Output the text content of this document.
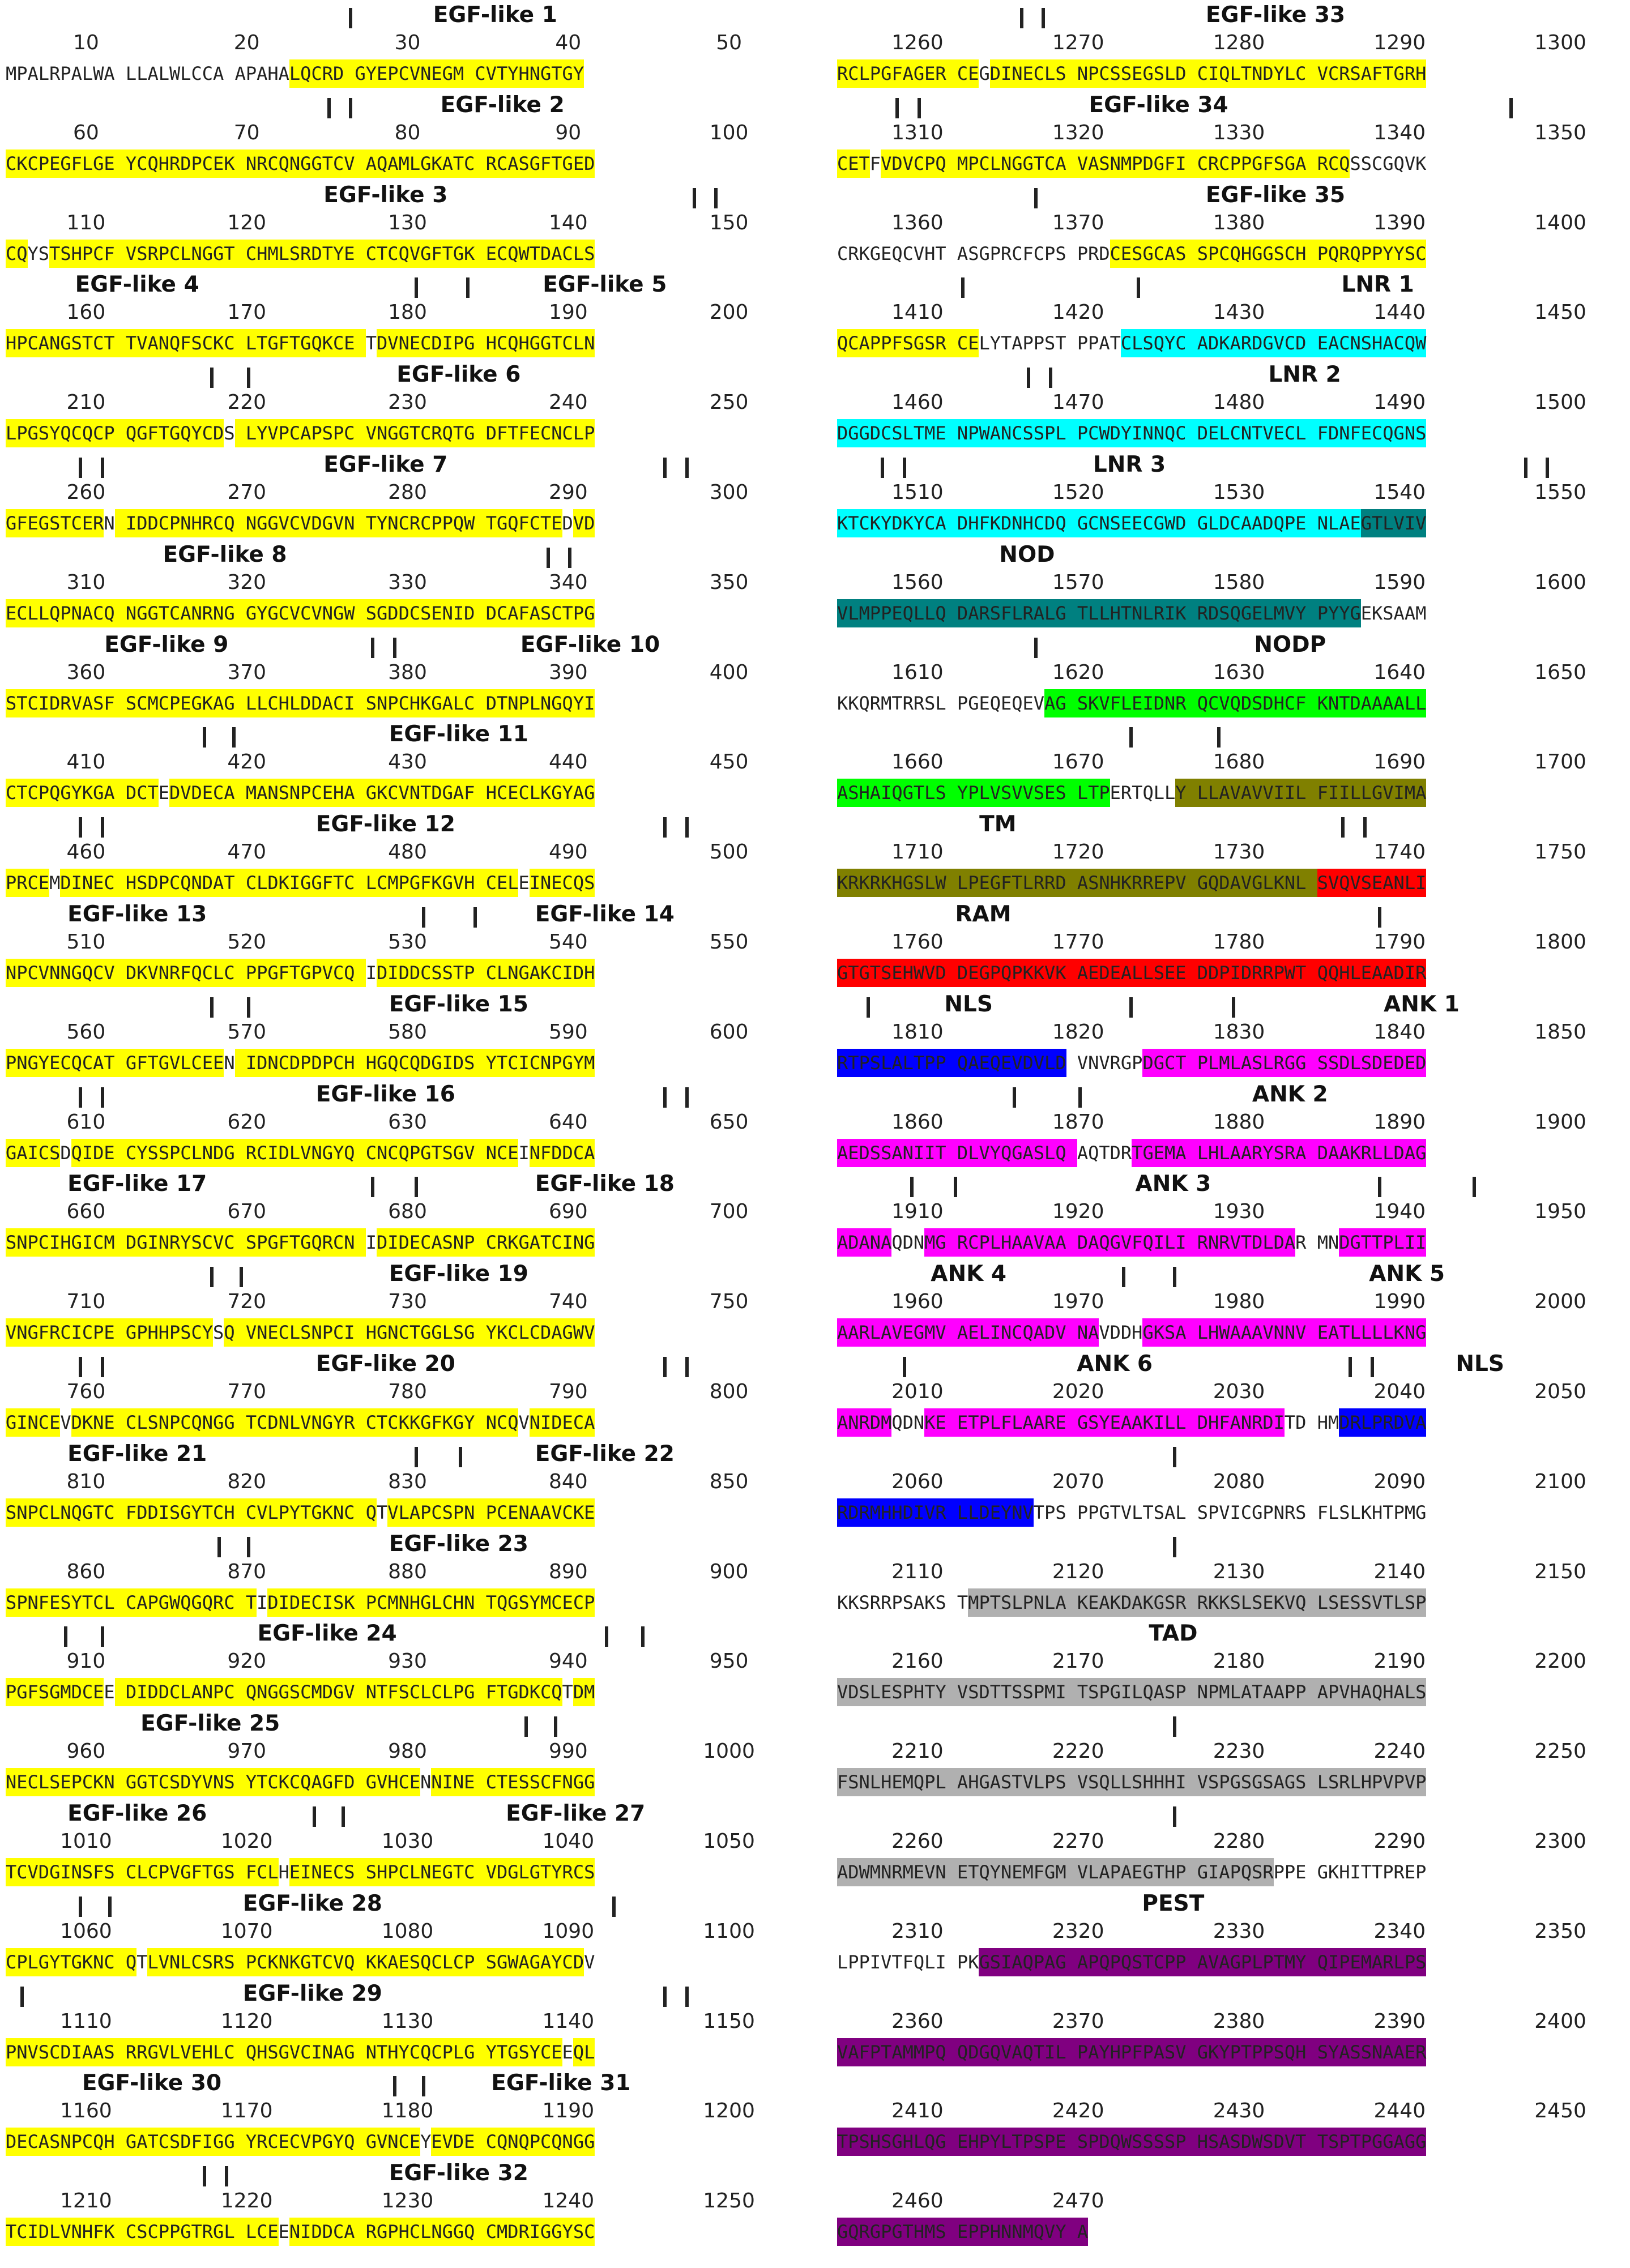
EGF-like 1
10	20	30	40	50
MPALRPALWA LLALWLCCA APAHALQCRD GYEPCVNEGM CVTYHNGTGY
EGF-like 2
60	70	80	90	100
CKCPEGFLGE YCQHRDPCEK NRCQNGGTCV AQAMLGKATC RCASGFTGED
EGF-like 3
110	120	130	140	150
CQYSTSHPCF VSRPCLNGGT CHMLSRDTYE CTCQVGFTGK ECQWTDACLS
EGF-like 4	EGF-like 5
160	170	180	190	200
HPCANGSTCT TVANQFSCKC LTGFTGQKCE TDVNECDIPG HCQHGGTCLN
EGF-like 6
210	220	230	240	250
LPGSYQCQCP QGFTGQYCDS LYVPCAPSPC VNGGTCRQTG DFTFECNCLP
EGF-like 7
260	270	280	290	300
GFEGSTCERN IDDCPNHRCQ NGGVCVDGVN TYNCRCPPQW TGQFCTEDVD
EGF-like 8
310	320	330	340	350
ECLLQPNACQ NGGTCANRNG GYGCVCVNGW SGDDCSENID DCAFASCTPG
EGF-like 9	EGF-like 10
360	370	380	390	400
STCIDRVASF SCMCPEGKAG LLCHLDDACI SNPCHKGALC DTNPLNGQYI
EGF-like 11
410	420	430	440	450
CTCPQGYKGA DCTEDVDECA MANSNPCEHA GKCVNTDGAF HCECLKGYAG
EGF-like 12
460	470	480	490	500
PRCEMDINEC HSDPCQNDAT CLDKIGGFTC LCMPGFKGVH CELEINECQS
EGF-like 13	EGF-like 14
510	520	530	540	550
NPCVNNGQCV DKVNRFQCLC PPGFTGPVCQ IDIDDCSSTP CLNGAKCIDH
EGF-like 15
560	570	580	590	600
PNGYECQCAT GFTGVLCEEN IDNCDPDPCH HGQCQDGIDS YTCICNPGYM
EGF-like 16
610	620	630	640	650
GAICSDQIDE CYSSPCLNDG RCIDLVNGYQ CNCQPGTSGV NCEINFDDCA
EGF-like 17	EGF-like 18
660	670	680	690	700
SNPCIHGICM DGINRYSCVC SPGFTGQRCN IDIDECASNP CRKGATCING
EGF-like 19
710	720	730	740	750
VNGFRCICPE GPHHPSCYSQ VNECLSNPCI HGNCTGGLSG YKCLCDAGWV
EGF-like 20
760	770	780	790	800
GINCEVDKNE CLSNPCQNGG TCDNLVNGYR CTCKKGFKGY NCQVNIDECA
EGF-like 21	EGF-like 22
810	820	830	840	850
SNPCLNQGTC FDDISGYTCH CVLPYTGKNC QTVLAPCSPN PCENAAVCKE
EGF-like 23
860	870	880	890	900
SPNFESYTCL CAPGWQGQRC TIDIDECISK PCMNHGLCHN TQGSYMCECP
EGF-like 24
910	920	930	940	950
PGFSGMDCEE DIDDCLANPC QNGGSCMDGV NTFSCLCLPG FTGDKCQTDM
EGF-like 25
960	970	980	990	1000
NECLSEPCKN GGTCSDYVNS YTCKCQAGFD GVHCENNINE CTESSCFNGG
EGF-like 26	EGF-like 27
1010	1020	1030	1040	1050
TCVDGINSFS CLCPVGFTGS FCLHEINECS SHPCLNEGTC VDGLGTYRCS
EGF-like 28
1060	1070	1080	1090	1100
CPLGYTGKNC QTLVNLCSRS PCKNKGTCVQ KKAESQCLCP SGWAGAYCDV
EGF-like 29
1110	1120	1130	1140	1150
PNVSCDIAAS RRGVLVEHLC QHSGVCINAG NTHYCQCPLG YTGSYCEEQL
EGF-like 30	EGF-like 31
1160	1170	1180	1190	1200
DECASNPCQH GATCSDFIGG YRCECVPGYQ GVNCEYEVDE CQNQPCQNGG
EGF-like 32
1210	1220	1230	1240	1250
TCIDLVNHFK CSCPPGTRGL LCEENIDDCA RGPHCLNGGQ CMDRIGGYSC
EGF-like 33
1260	1270	1280	1290	1300
RCLPGFAGER CEGDINECLS NPCSSEGSLD CIQLTNDYLC VCRSAFTGRH
EGF-like 34
1310	1320	1330	1340	1350
CETFVDVCPQ MPCLNGGTCA VASNMPDGFI CRCPPGFSGA RCQSSCGQVK
EGF-like 35
1360	1370	1380	1390	1400
CRKGEQCVHT ASGPRCFCPS PRDCESGCAS SPCQHGGSCH PQRQPPYYSC
LNR 1
1410	1420	1430	1440	1450
QCAPPFSGSR CELYTAPPST PPATCLSQYC ADKARDGVCD EACNSHACQW
LNR 2
1460	1470	1480	1490	1500
DGGDCSLTME NPWANCSSPL PCWDYINNQC DELCNTVECL FDNFECQGNS
LNR 3
1510	1520	1530	1540	1550
KTCKYDKYCA DHFKDNHCDQ GCNSEECGWD GLDCAADQPE NLAEGTLVIV
NOD
1560	1570	1580	1590	1600
VLMPPEQLLQ DARSFLRALG TLLHTNLRIK RDSQGELMVY PYYGEKSAAM
NODP
1610	1620	1630	1640	1650
KKQRMTRRSL PGEQEQEVAG SKVFLEIDNR QCVQDSDHCF KNTDAAAALL
1660	1670	1680	1690	1700
ASHAIQGTLS YPLVSVVSES LTPERTQLLY LLAVAVVIIL FIILLGVIMA
TM
1710	1720	1730	1740	1750
KRKRKHGSLW LPEGFTLRRD ASNHKRREPV GQDAVGLKNL SVQVSEANLI
RAM
1760	1770	1780	1790	1800
GTGTSEHWVD DEGPQPKKVK AEDEALLSEE DDPIDRRPWT QQHLEAADIR
NLS	ANK 1
1810	1820	1830	1840	1850
RTPSLALTPP QAEQEVDVLD VNVRGPDGCT PLMLASLRGG SSDLSDEDED
ANK 2
1860	1870	1880	1890	1900
AEDSSANIIT DLVYQGASLQ AQTDRTGEMA LHLAARYSRA DAAKRLLDAG
ANK 3
1910	1920	1930	1940	1950
ADANAQDNMG RCPLHAAVAA DAQGVFQILI RNRVTDLDAR MNDGTTPLII
ANK 4	ANK 5
1960	1970	1980	1990	2000
AARLAVEGMV AELINCQADV NAVDDHGKSA LHWAAAVNNV EATLLLLKNG
ANK 6	NLS
2010	2020	2030	2040	2050
ANRDMQDNKE ETPLFLAARE GSYEAAKILL DHFANRDITD HMDRLPRDVA
2060	2070	2080	2090	2100
RDRMHHDIVR LLDEYNVTPS PPGTVLTSAL SPVICGPNRS FLSLKHTPMG
2110	2120	2130	2140	2150
KKSRRPSAKS TMPTSLPNLA KEAKDAKGSR RKKSLSEKVQ LSESSVTLSP
TAD
2160	2170	2180	2190	2200
VDSLESPHTY VSDTTSSPMI TSPGILQASP NPMLATAAPP APVHAQHALS
2210	2220	2230	2240	2250
FSNLHEMQPL AHGASTVLPS VSQLLSHHHI VSPGSGSAGS LSRLHPVPVP
2260	2270	2280	2290	2300
ADWMNRMEVN ETQYNEMFGM VLAPAEGTHP GIAPQSRPPE GKHITTPREP
PEST
2310	2320	2330	2340	2350
LPPIVTFQLI PKGSIAQPAG APQPQSTCPP AVAGPLPTMY QIPEMARLPS
2360	2370	2380	2390	2400
VAFPTAMMPQ QDGQVAQTIL PAYHPFPASV GKYPTPPSQH SYASSNAAER
2410	2420	2430	2440	2450
TPSHSGHLQG EHPYLTPSPE SPDQWSSSSP HSASDWSDVT TSPTPGGAGG
2460	2470
GQRGPGTHMS EPPHNNMQVY A
